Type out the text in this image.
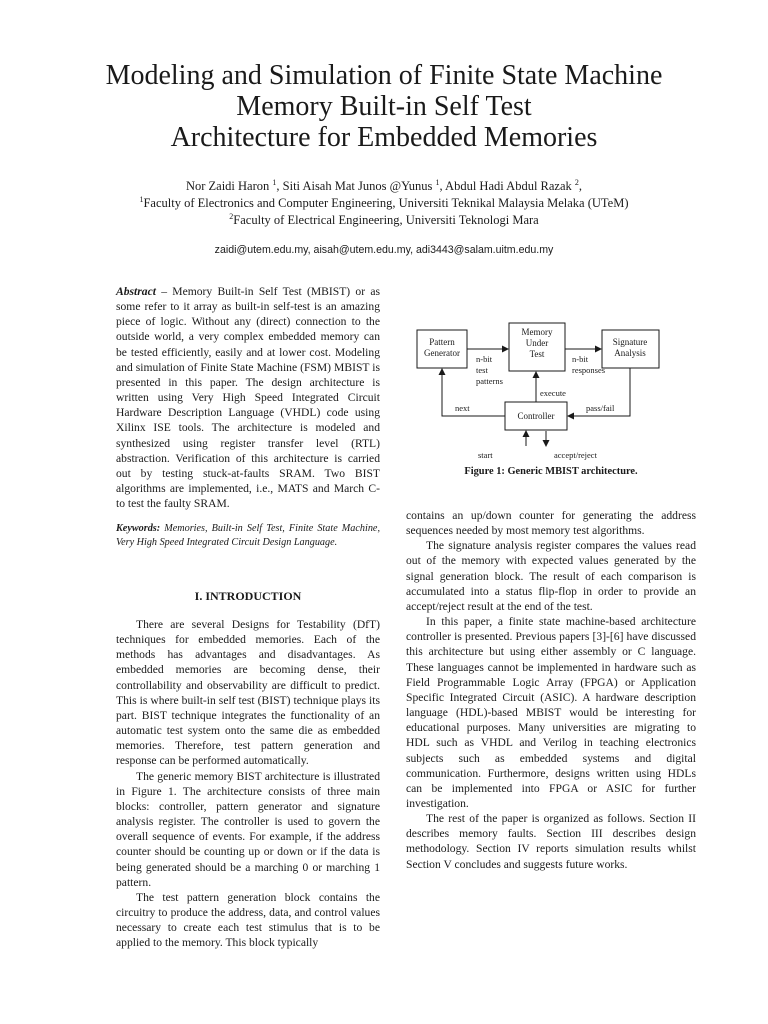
Modeling and Simulation of Finite State Machine
Memory Built-in Self Test
Architecture for Embedded Memories
Nor Zaidi Haron $^1$, Siti Aisah Mat Junos @Yunus $^1$, Abdul Hadi Abdul Razak $^2$,
$^1$Faculty of Electronics and Computer Engineering, Universiti Teknikal Malaysia Melaka (UTeM)
$^2$Faculty of Electrical Engineering, Universiti Teknologi Mara
zaidi@utem.edu.my, aisah@utem.edu.my, adi3443@salam.uitm.edu.my

Abstract – Memory Built-in Self Test (MBIST) or as some refer to it array as built-in self-test is an amazing piece of logic. Without any (direct) connection to the outside world, a very complex embedded memory can be tested efficiently, easily and at lower cost. Modeling and simulation of Finite State Machine (FSM) MBIST is presented in this paper. The design architecture is written using Very High Speed Integrated Circuit Hardware Description Language (VHDL) code using Xilinx ISE tools. The architecture is modeled and synthesized using register transfer level (RTL) abstraction. Verification of this architecture is carried out by testing stuck-at-faults SRAM. Two BIST algorithms are implemented, i.e., MATS and March C- to test the faulty SRAM.

Keywords: Memories, Built-in Self Test, Finite State Machine, Very High Speed Integrated Circuit Design Language.

I. INTRODUCTION

There are several Designs for Testability (DfT) techniques for embedded memories. Each of the methods has advantages and disadvantages. As embedded memories are becoming dense, their controllability and observability are difficult to predict. This is where built-in self test (BIST) technique plays its part. BIST technique integrates the functionality of an automatic test system onto the same die as embedded memories. Therefore, test pattern generation and response can be performed automatically.

The generic memory BIST architecture is illustrated in Figure 1. The architecture consists of three main blocks: controller, pattern generator and signature analysis register. The controller is used to govern the overall sequence of events. For example, if the address counter should be counting up or down or if the data is being generated should be a marching 0 or marching 1 pattern.

The test pattern generation block contains the circuitry to produce the address, data, and control values necessary to create each test stimulus that is to be applied to the memory. This block typically

Pattern
Generator
Memory
Under
Test
Signature
Analysis
Controller
n-bit
test
patterns
n-bit
responses
execute
next	pass/fail
start	accept/reject
Figure 1: Generic MBIST architecture.

contains an up/down counter for generating the address sequences needed by most memory test algorithms.

The signature analysis register compares the values read out of the memory with expected values generated by the signal generation block. The result of each comparison is accumulated into a status flip-flop in order to provide an accept/reject result at the end of the test.

In this paper, a finite state machine-based architecture controller is presented. Previous papers [3]-[6] have discussed this architecture but using either assembly or C language. These languages cannot be implemented in hardware such as Field Programmable Logic Array (FPGA) or Application Specific Integrated Circuit (ASIC). A hardware description language (HDL)-based MBIST would be interesting for educational purposes. Many universities are migrating to HDL such as VHDL and Verilog in teaching electronics subjects such as embedded systems and digital communication. Furthermore, designs written using HDLs can be implemented into FPGA or ASIC for further investigation.

The rest of the paper is organized as follows. Section II describes memory faults. Section III describes design methodology. Section IV reports simulation results whilst Section V concludes and suggests future works.
